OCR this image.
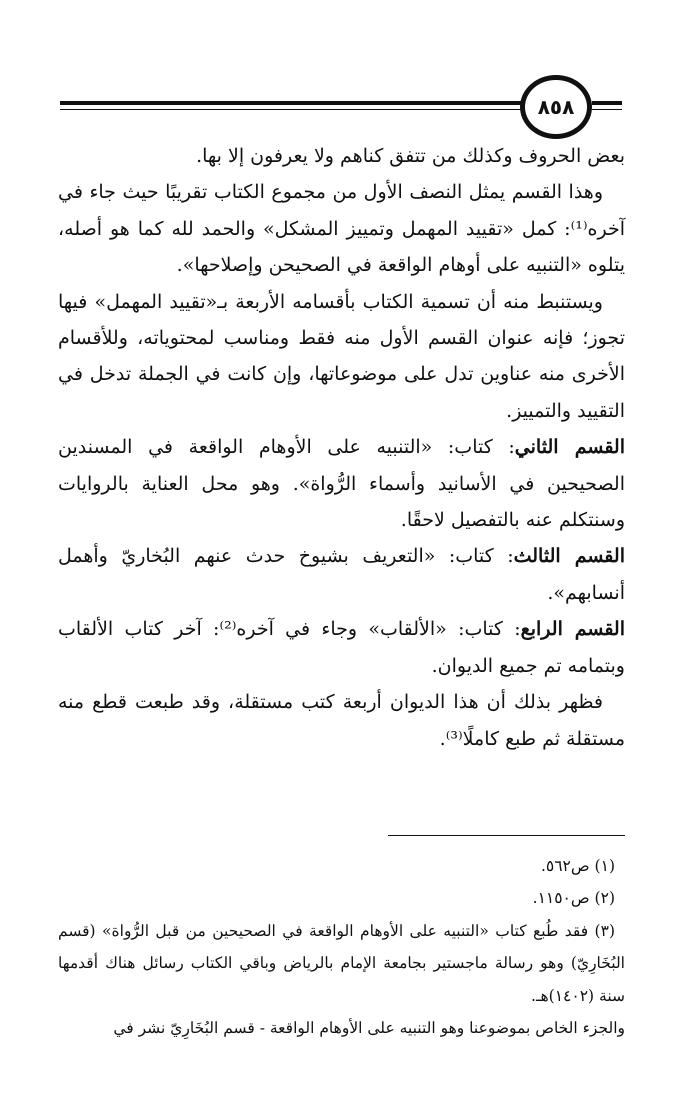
٨٥٨

بعض الحروف وكذلك من تتفق كناهم ولا يعرفون إلا بها.

وهذا القسم يمثل النصف الأول من مجموع الكتاب تقريبًا حيث جاء في آخره⁽¹⁾: كمل «تقييد المهمل وتمييز المشكل» والحمد لله كما هو أصله، يتلوه «التنبيه على أوهام الواقعة في الصحيحن وإصلاحها».

ويستنبط منه أن تسمية الكتاب بأقسامه الأربعة بـ«تقييد المهمل» فيها تجوز؛ فإنه عنوان القسم الأول منه فقط ومناسب لمحتوياته، وللأقسام الأخرى منه عناوين تدل على موضوعاتها، وإن كانت في الجملة تدخل في التقييد والتمييز.

القسم الثاني: كتاب: «التنبيه على الأوهام الواقعة في المسندين الصحيحين في الأسانيد وأسماء الرُّواة». وهو محل العناية بالروايات وسنتكلم عنه بالتفصيل لاحقًا.

القسم الثالث: كتاب: «التعريف بشيوخ حدث عنهم البُخاريّ وأهمل أنسابهم».

القسم الرابع: كتاب: «الألقاب» وجاء في آخره⁽²⁾: آخر كتاب الألقاب وبتمامه تم جميع الديوان.

فظهر بذلك أن هذا الديوان أربعة كتب مستقلة، وقد طبعت قطع منه مستقلة ثم طبع كاملًا⁽³⁾.

(١) ص٥٦٢.

(٢) ص١١٥٠.

(٣) فقد طُبع كتاب «التنبيه على الأوهام الواقعة في الصحيحين من قبل الرُّواة» (قسم البُخَارِيّ) وهو رسالة ماجستير بجامعة الإمام بالرياض وباقي الكتاب رسائل هناك أقدمها سنة (١٤٠٢)هـ.

والجزء الخاص بموضوعنا وهو التنبيه على الأوهام الواقعة - قسم البُخَارِيّ نشر في
